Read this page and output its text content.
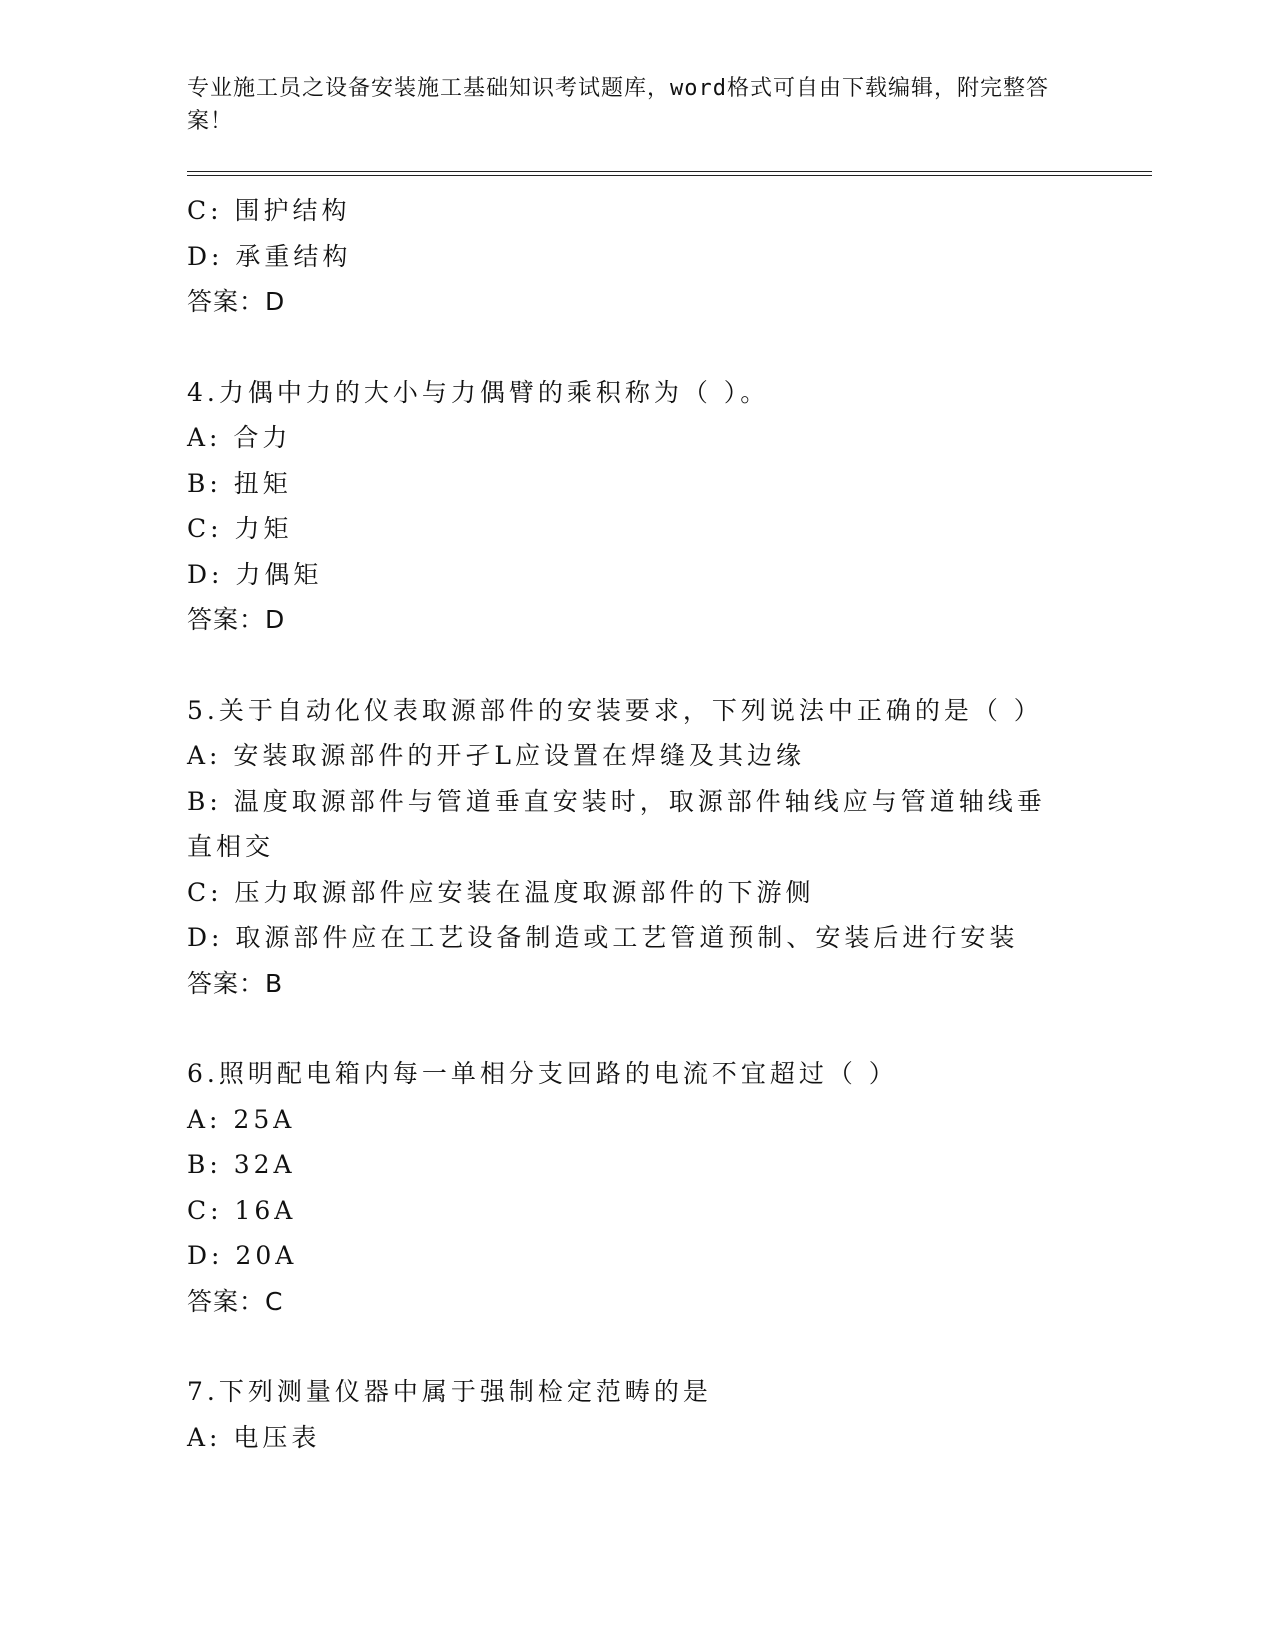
专业施工员之设备安装施工基础知识考试题库，word格式可自由下载编辑，附完整答案！
C: 围护结构
D: 承重结构
答案：D
4.力偶中力的大小与力偶臂的乘积称为（ ）。
A: 合力
B: 扭矩
C: 力矩
D: 力偶矩
答案：D
5.关于自动化仪表取源部件的安装要求，下列说法中正确的是（ ）
A: 安装取源部件的开孑L应设置在焊缝及其边缘
B: 温度取源部件与管道垂直安装时，取源部件轴线应与管道轴线垂直相交
C: 压力取源部件应安装在温度取源部件的下游侧
D: 取源部件应在工艺设备制造或工艺管道预制、安装后进行安装
答案：B
6.照明配电箱内每一单相分支回路的电流不宜超过（ ）
A: 25A
B: 32A
C: 16A
D: 20A
答案：C
7.下列测量仪器中属于强制检定范畴的是
A: 电压表
